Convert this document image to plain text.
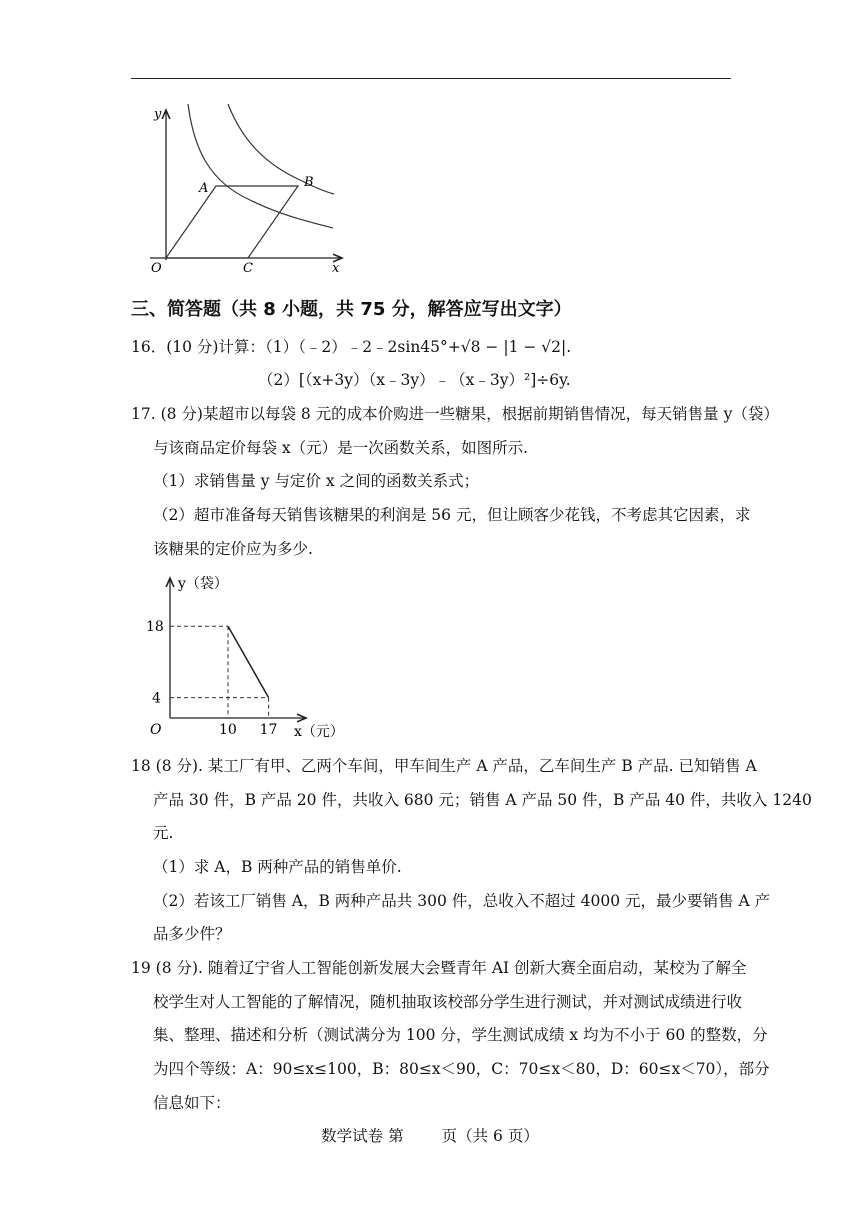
y
x
O
A	B
C
三、简答题（共 8 小题，共 75 分，解答应写出文字）
16．(10 分)计算：（1）（﹣2）﹣2﹣2sin45°+√8 − |1 − √2|.
（2）[（x+3y）（x﹣3y）﹣（x﹣3y）²]÷6y.
17. (8 分)某超市以每袋 8 元的成本价购进一些糖果，根据前期销售情况，每天销售量 y（袋）
与该商品定价每袋 x（元）是一次函数关系，如图所示.
（1）求销售量 y 与定价 x 之间的函数关系式；
（2）超市准备每天销售该糖果的利润是 56 元，但让顾客少花钱，不考虑其它因素，求
该糖果的定价应为多少.
18
4
10 17
y（袋）
x（元）
O
18 (8 分). 某工厂有甲、乙两个车间，甲车间生产 A 产品，乙车间生产 B 产品. 已知销售 A
产品 30 件，B 产品 20 件，共收入 680 元；销售 A 产品 50 件，B 产品 40 件，共收入 1240
元.
（1）求 A，B 两种产品的销售单价.
（2）若该工厂销售 A，B 两种产品共 300 件，总收入不超过 4000 元，最少要销售 A 产
品多少件？
19 (8 分). 随着辽宁省人工智能创新发展大会暨青年 AI 创新大赛全面启动，某校为了解全
校学生对人工智能的了解情况，随机抽取该校部分学生进行测试，并对测试成绩进行收
集、整理、描述和分析（测试满分为 100 分，学生测试成绩 x 均为不小于 60 的整数，分
为四个等级：A：90≤x≤100，B：80≤x＜90，C：70≤x＜80，D：60≤x＜70），部分
信息如下：
数学试卷 第 页（共 6 页）
